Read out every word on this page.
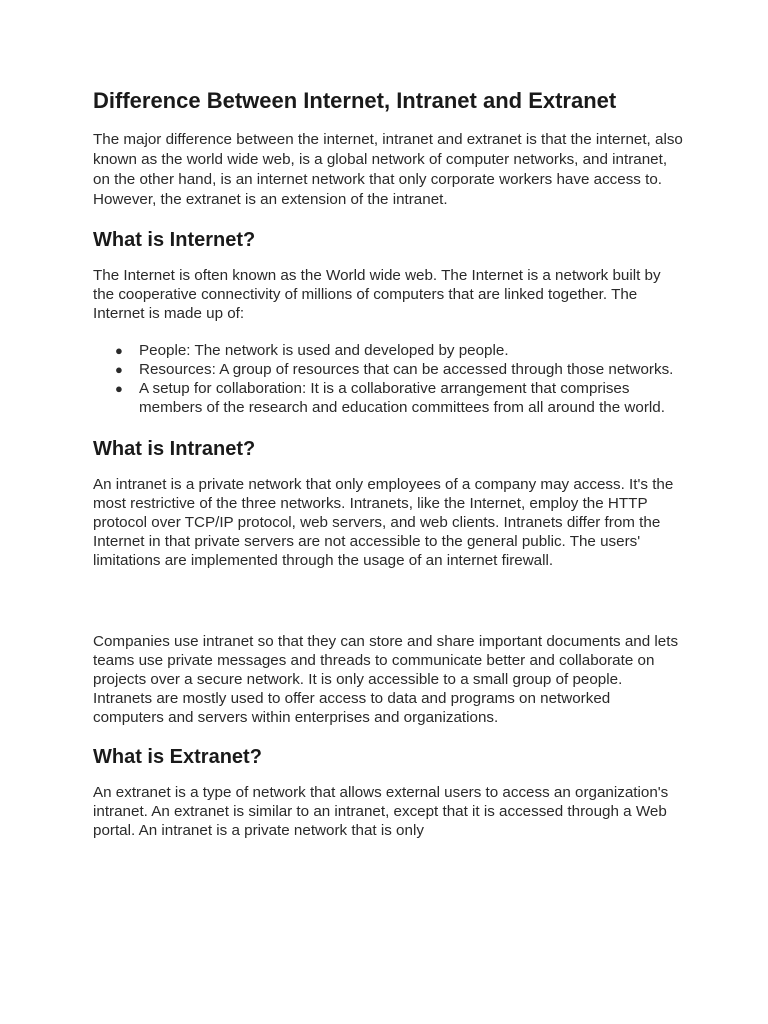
Difference Between Internet, Intranet and Extranet

The major difference between the internet, intranet and extranet is that the internet, also known as the world wide web, is a global network of computer networks, and intranet, on the other hand, is an internet network that only corporate workers have access to. However, the extranet is an extension of the intranet.

What is Internet?

The Internet is often known as the World wide web. The Internet is a network built by the cooperative connectivity of millions of computers that are linked together. The Internet is made up of:

● People: The network is used and developed by people.
● Resources: A group of resources that can be accessed through those networks.
● A setup for collaboration: It is a collaborative arrangement that comprises members of the research and education committees from all around the world.
What is Intranet?

An intranet is a private network that only employees of a company may access. It's the most restrictive of the three networks. Intranets, like the Internet, employ the HTTP protocol over TCP/IP protocol, web servers, and web clients. Intranets differ from the Internet in that private servers are not accessible to the general public. The users' limitations are implemented through the usage of an internet firewall.

Companies use intranet so that they can store and share important documents and lets teams use private messages and threads to communicate better and collaborate on projects over a secure network. It is only accessible to a small group of people. Intranets are mostly used to offer access to data and programs on networked computers and servers within enterprises and organizations.

What is Extranet?

An extranet is a type of network that allows external users to access an organization's intranet. An extranet is similar to an intranet, except that it is accessed through a Web portal. An intranet is a private network that is only
